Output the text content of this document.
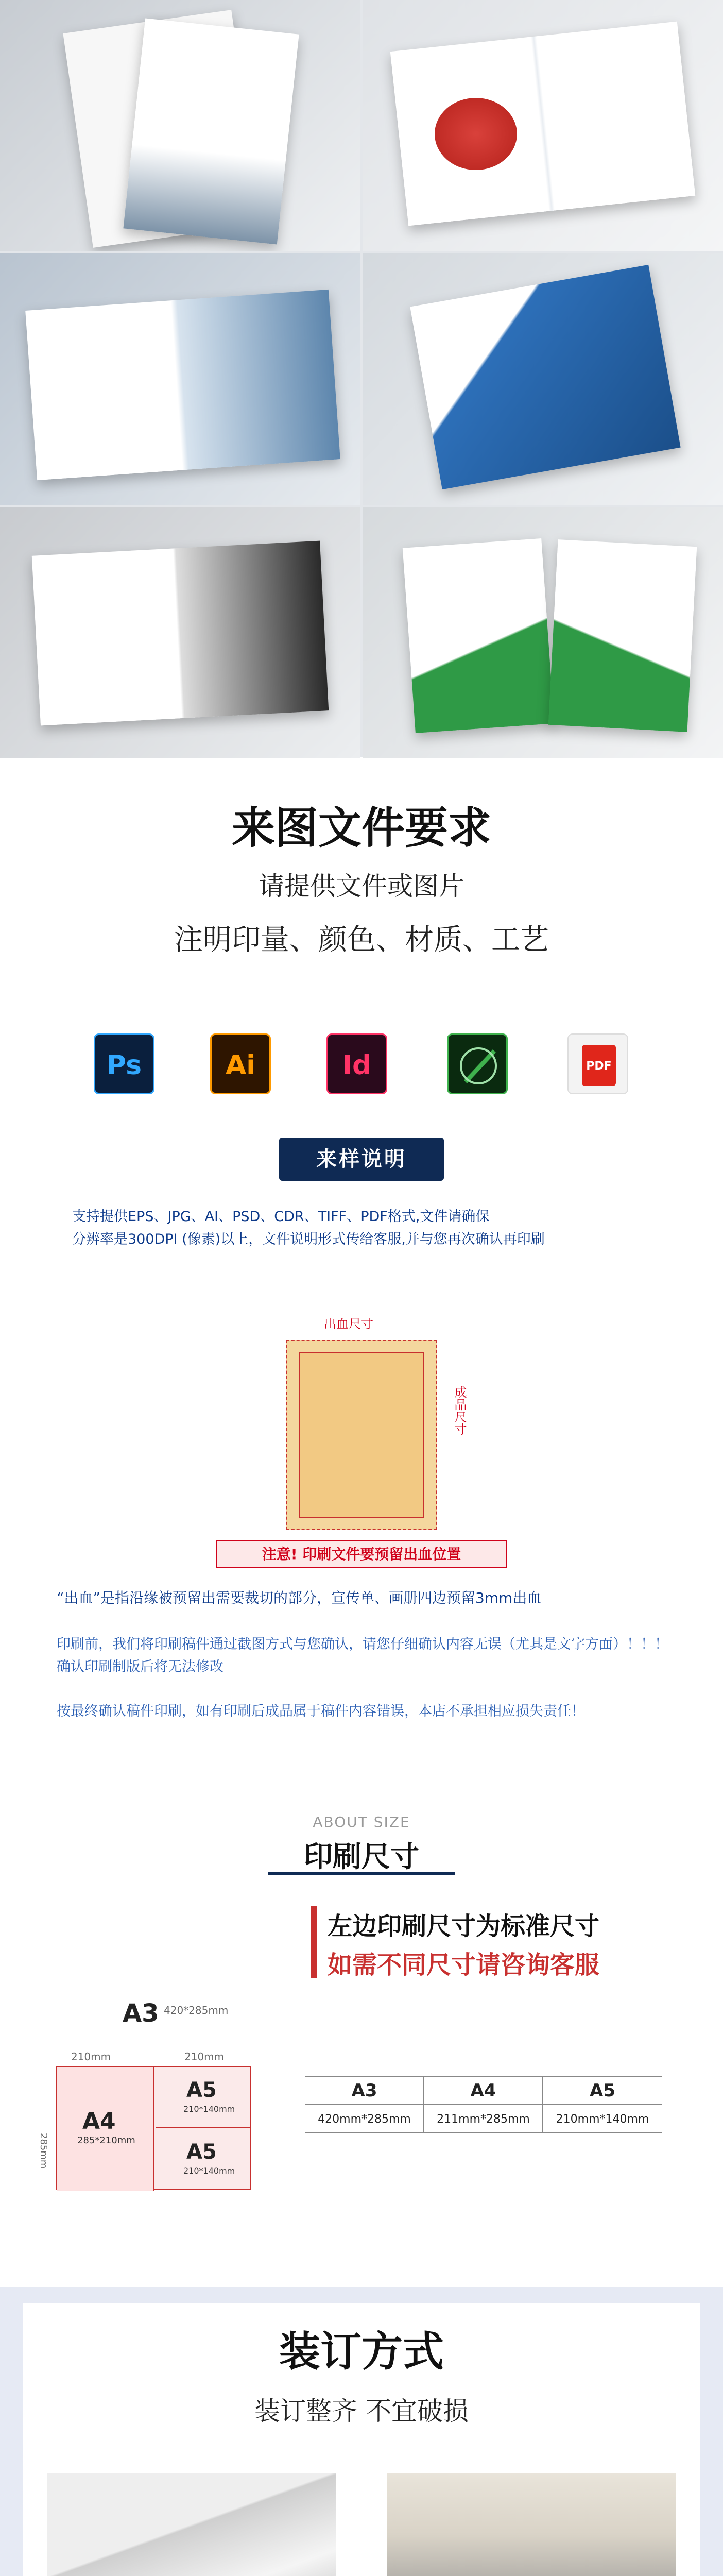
来图文件要求
请提供文件或图片
注明印量、颜色、材质、工艺
Ps	Ai	Id	PDF
来样说明
支持提供EPS、JPG、AI、PSD、CDR、TIFF、PDF格式,文件请确保
分辨率是300DPI (像素)以上，文件说明形式传给客服,并与您再次确认再印刷
出血尺寸
成品尺寸
注意! 印刷文件要预留出血位置
“出血”是指沿缘被预留出需要裁切的部分，宣传单、画册四边预留3mm出血
印刷前，我们将印刷稿件通过截图方式与您确认，请您仔细确认内容无误（尤其是文字方面）！！！确认印刷制版后将无法修改
按最终确认稿件印刷，如有印刷后成品属于稿件内容错误，本店不承担相应损失责任！
ABOUT SIZE
印刷尺寸
A3 420*285mm
210mm	210mm
285mm
A4
285*210mm
A5
210*140mm
A5
210*140mm
左边印刷尺寸为标准尺寸
如需不同尺寸请咨询客服
A3	A4	A5
420mm*285mm	211mm*285mm	210mm*140mm
装订方式
装订整齐 不宜破损
